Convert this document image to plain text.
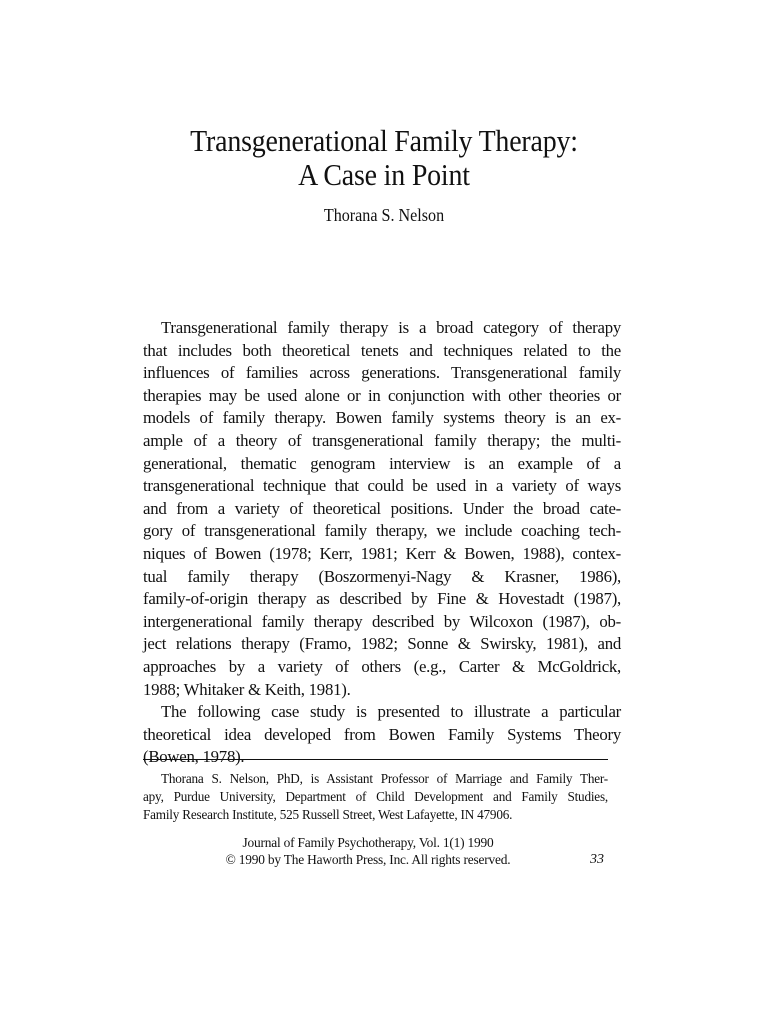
Transgenerational Family Therapy:
A Case in Point
Thorana S. Nelson
Transgenerational family therapy is a broad category of therapy
that includes both theoretical tenets and techniques related to the
influences of families across generations. Transgenerational family
therapies may be used alone or in conjunction with other theories or
models of family therapy. Bowen family systems theory is an ex-
ample of a theory of transgenerational family therapy; the multi-
generational, thematic genogram interview is an example of a
transgenerational technique that could be used in a variety of ways
and from a variety of theoretical positions. Under the broad cate-
gory of transgenerational family therapy, we include coaching tech-
niques of Bowen (1978; Kerr, 1981; Kerr & Bowen, 1988), contex-
tual family therapy (Boszormenyi-Nagy & Krasner, 1986),
family-of-origin therapy as described by Fine & Hovestadt (1987),
intergenerational family therapy described by Wilcoxon (1987), ob-
ject relations therapy (Framo, 1982; Sonne & Swirsky, 1981), and
approaches by a variety of others (e.g., Carter & McGoldrick,
1988; Whitaker & Keith, 1981).
The following case study is presented to illustrate a particular
theoretical idea developed from Bowen Family Systems Theory
(Bowen, 1978).
Thorana S. Nelson, PhD, is Assistant Professor of Marriage and Family Ther-
apy, Purdue University, Department of Child Development and Family Studies,
Family Research Institute, 525 Russell Street, West Lafayette, IN 47906.
Journal of Family Psychotherapy, Vol. 1(1) 1990
© 1990 by The Haworth Press, Inc. All rights reserved.	33
